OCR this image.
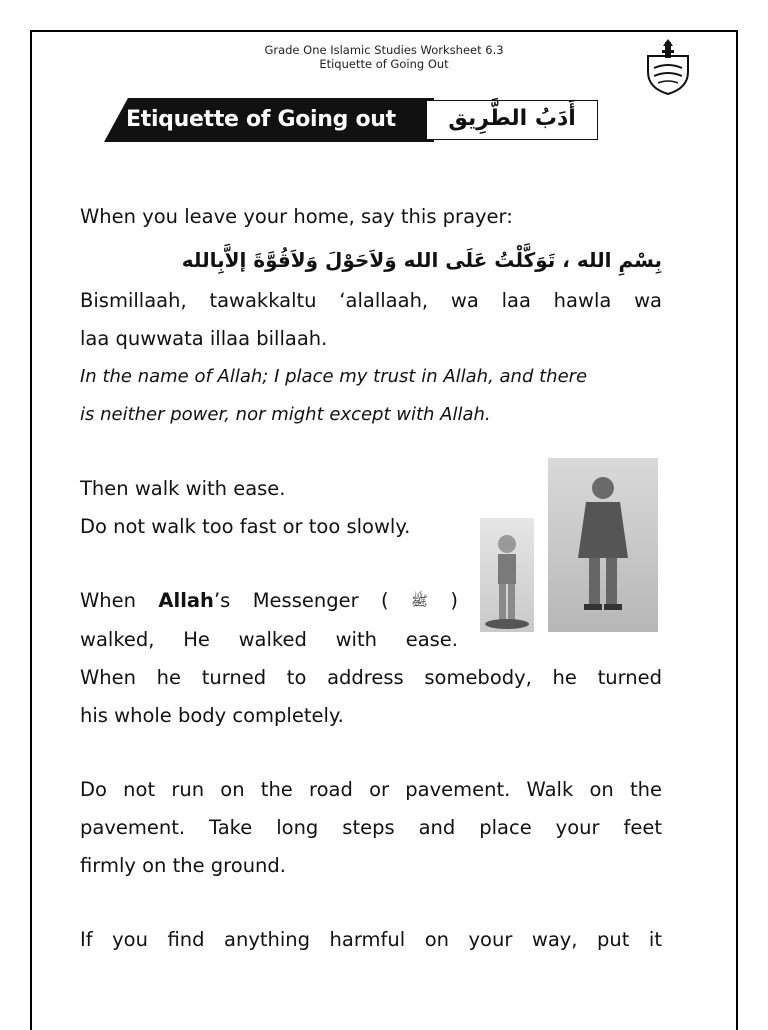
Grade One Islamic Studies Worksheet 6.3
Etiquette of Going Out
Etiquette of Going out	أَدَبُ الطَّرِيق

When you leave your home, say this prayer:

بِسْمِ الله ، تَوَكَّلْتُ عَلَى الله وَلاَحَوْلَ وَلاَقُوَّةَ إلاَّبِالله

Bismillaah, tawakkaltu ‘alallaah, wa laa hawla wa

laa quwwata illaa billaah.

In the name of Allah; I place my trust in Allah, and there

is neither power, nor might except with Allah.

Then walk with ease.

Do not walk too fast or too slowly.

When Allah’s Messenger ( ﷺ )

walked, He walked with ease.

When he turned to address somebody, he turned

his whole body completely.

Do not run on the road or pavement. Walk on the

pavement. Take long steps and place your feet

firmly on the ground.

If you find anything harmful on your way, put it
